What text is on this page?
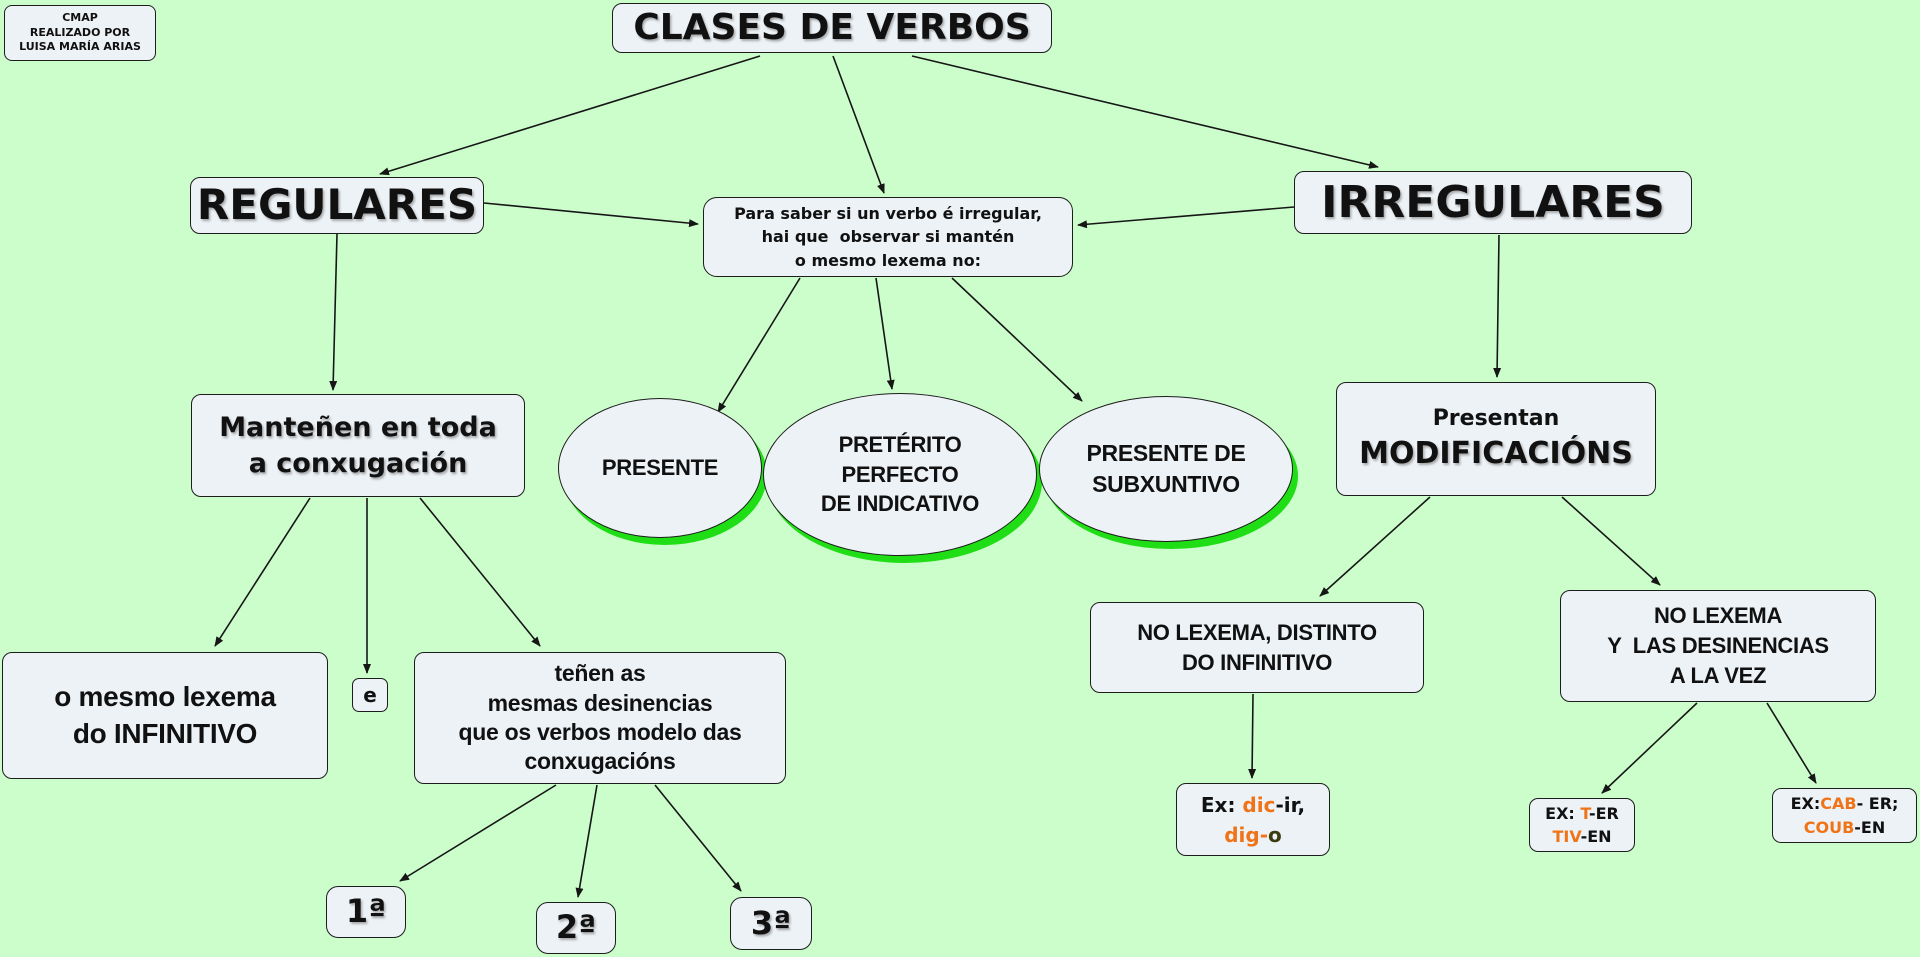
CMAP
REALIZADO POR
LUISA MARÍA ARIAS	CLASES DE VERBOS
REGULARES	IRREGULARES
Para saber si un verbo é irregular,
hai que  observar si mantén
o mesmo lexema no:
PRESENTE
PRETÉRITO
PERFECTO
DE INDICATIVO
PRESENTE DE
SUBXUNTIVO
Manteñen en toda
a conxugación
o mesmo lexema
do INFINITIVO
e
teñen as
mesmas desinencias
que os verbos modelo das
conxugacións
1ª	2ª	3ª
Presentan
MODIFICACIÓNS
NO LEXEMA, DISTINTO
DO INFINITIVO
NO LEXEMA
Y  LAS DESINENCIAS
A LA VEZ
Ex: dic-ir,
dig-o
EX: T-ER
TIV-EN
EX:CAB- ER;
COUB-EN
